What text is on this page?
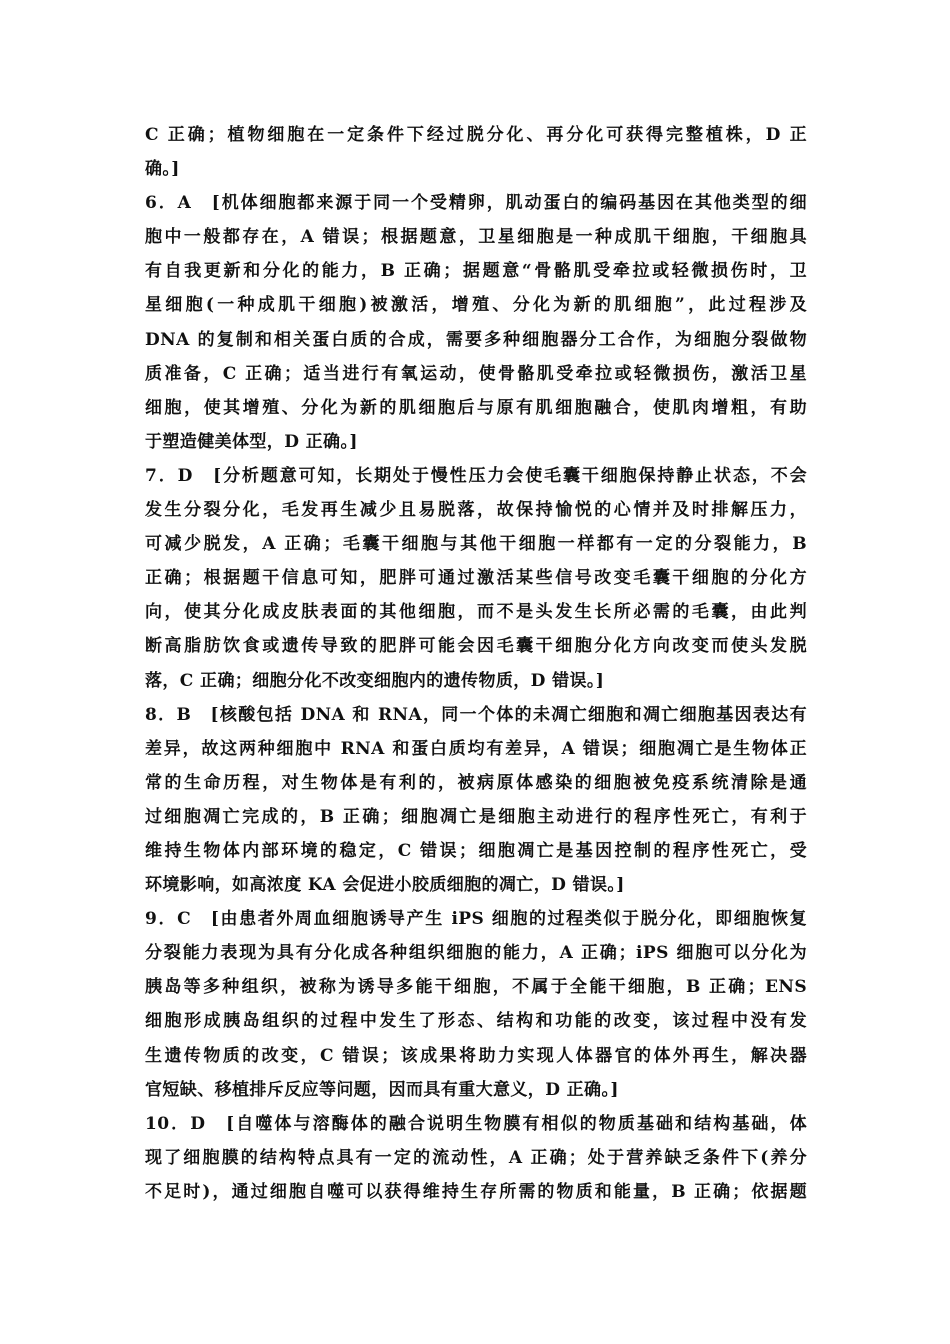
C 正确；植物细胞在一定条件下经过脱分化、再分化可获得完整植株，D 正
确。]
6．A　[机体细胞都来源于同一个受精卵，肌动蛋白的编码基因在其他类型的细
胞中一般都存在，A 错误；根据题意，卫星细胞是一种成肌干细胞，干细胞具
有自我更新和分化的能力，B 正确；据题意“骨骼肌受牵拉或轻微损伤时，卫
星细胞(一种成肌干细胞)被激活，增殖、分化为新的肌细胞”，此过程涉及
DNA 的复制和相关蛋白质的合成，需要多种细胞器分工合作，为细胞分裂做物
质准备，C 正确；适当进行有氧运动，使骨骼肌受牵拉或轻微损伤，激活卫星
细胞，使其增殖、分化为新的肌细胞后与原有肌细胞融合，使肌肉增粗，有助
于塑造健美体型，D 正确。]
7．D　[分析题意可知，长期处于慢性压力会使毛囊干细胞保持静止状态，不会
发生分裂分化，毛发再生减少且易脱落，故保持愉悦的心情并及时排解压力，
可减少脱发，A 正确；毛囊干细胞与其他干细胞一样都有一定的分裂能力，B
正确；根据题干信息可知，肥胖可通过激活某些信号改变毛囊干细胞的分化方
向，使其分化成皮肤表面的其他细胞，而不是头发生长所必需的毛囊，由此判
断高脂肪饮食或遗传导致的肥胖可能会因毛囊干细胞分化方向改变而使头发脱
落，C 正确；细胞分化不改变细胞内的遗传物质，D 错误。]
8．B　[核酸包括 DNA 和 RNA，同一个体的未凋亡细胞和凋亡细胞基因表达有
差异，故这两种细胞中 RNA 和蛋白质均有差异，A 错误；细胞凋亡是生物体正
常的生命历程，对生物体是有利的，被病原体感染的细胞被免疫系统清除是通
过细胞凋亡完成的，B 正确；细胞凋亡是细胞主动进行的程序性死亡，有利于
维持生物体内部环境的稳定，C 错误；细胞凋亡是基因控制的程序性死亡，受
环境影响，如高浓度 KA 会促进小胶质细胞的凋亡，D 错误。]
9．C　[由患者外周血细胞诱导产生 iPS 细胞的过程类似于脱分化，即细胞恢复
分裂能力表现为具有分化成各种组织细胞的能力，A 正确；iPS 细胞可以分化为
胰岛等多种组织，被称为诱导多能干细胞，不属于全能干细胞，B 正确；ENS
细胞形成胰岛组织的过程中发生了形态、结构和功能的改变，该过程中没有发
生遗传物质的改变，C 错误；该成果将助力实现人体器官的体外再生，解决器
官短缺、移植排斥反应等问题，因而具有重大意义，D 正确。]
10．D　[自噬体与溶酶体的融合说明生物膜有相似的物质基础和结构基础，体
现了细胞膜的结构特点具有一定的流动性，A 正确；处于营养缺乏条件下(养分
不足时)，通过细胞自噬可以获得维持生存所需的物质和能量，B 正确；依据题
